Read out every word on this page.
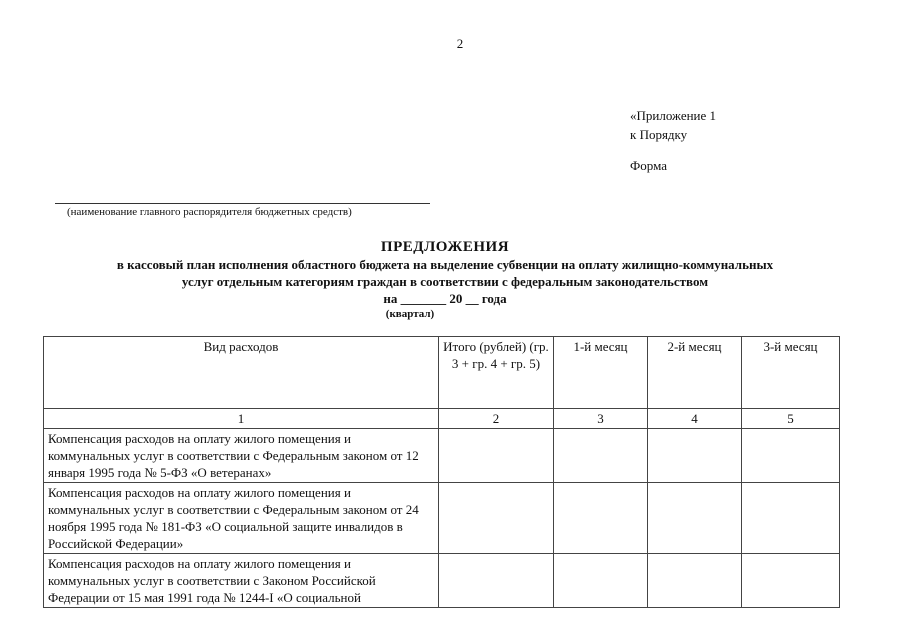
2
«Приложение 1
к Порядку
Форма
(наименование главного распорядителя бюджетных средств)
ПРЕДЛОЖЕНИЯ
в кассовый план исполнения областного бюджета на выделение субвенции на оплату жилищно-коммунальных
услуг отдельным категориям граждан в соответствии с федеральным законодательством
на _______ 20 __ года
(квартал)
Вид расходов	Итого (рублей) (гр. 3 + гр. 4 + гр. 5)	1-й месяц	2-й месяц	3-й месяц
1	2	3	4	5
Компенсация расходов на оплату жилого помещения и коммунальных услуг в соответствии с Федеральным законом от 12 января 1995 года № 5-ФЗ «О ветеранах»				
Компенсация расходов на оплату жилого помещения и коммунальных услуг в соответствии с Федеральным законом от 24 ноября 1995 года № 181-ФЗ «О социальной защите инвалидов в Российской Федерации»				
Компенсация расходов на оплату жилого помещения и коммунальных услуг в соответствии с Законом Российской Федерации от 15 мая 1991 года № 1244-I «О социальной				
